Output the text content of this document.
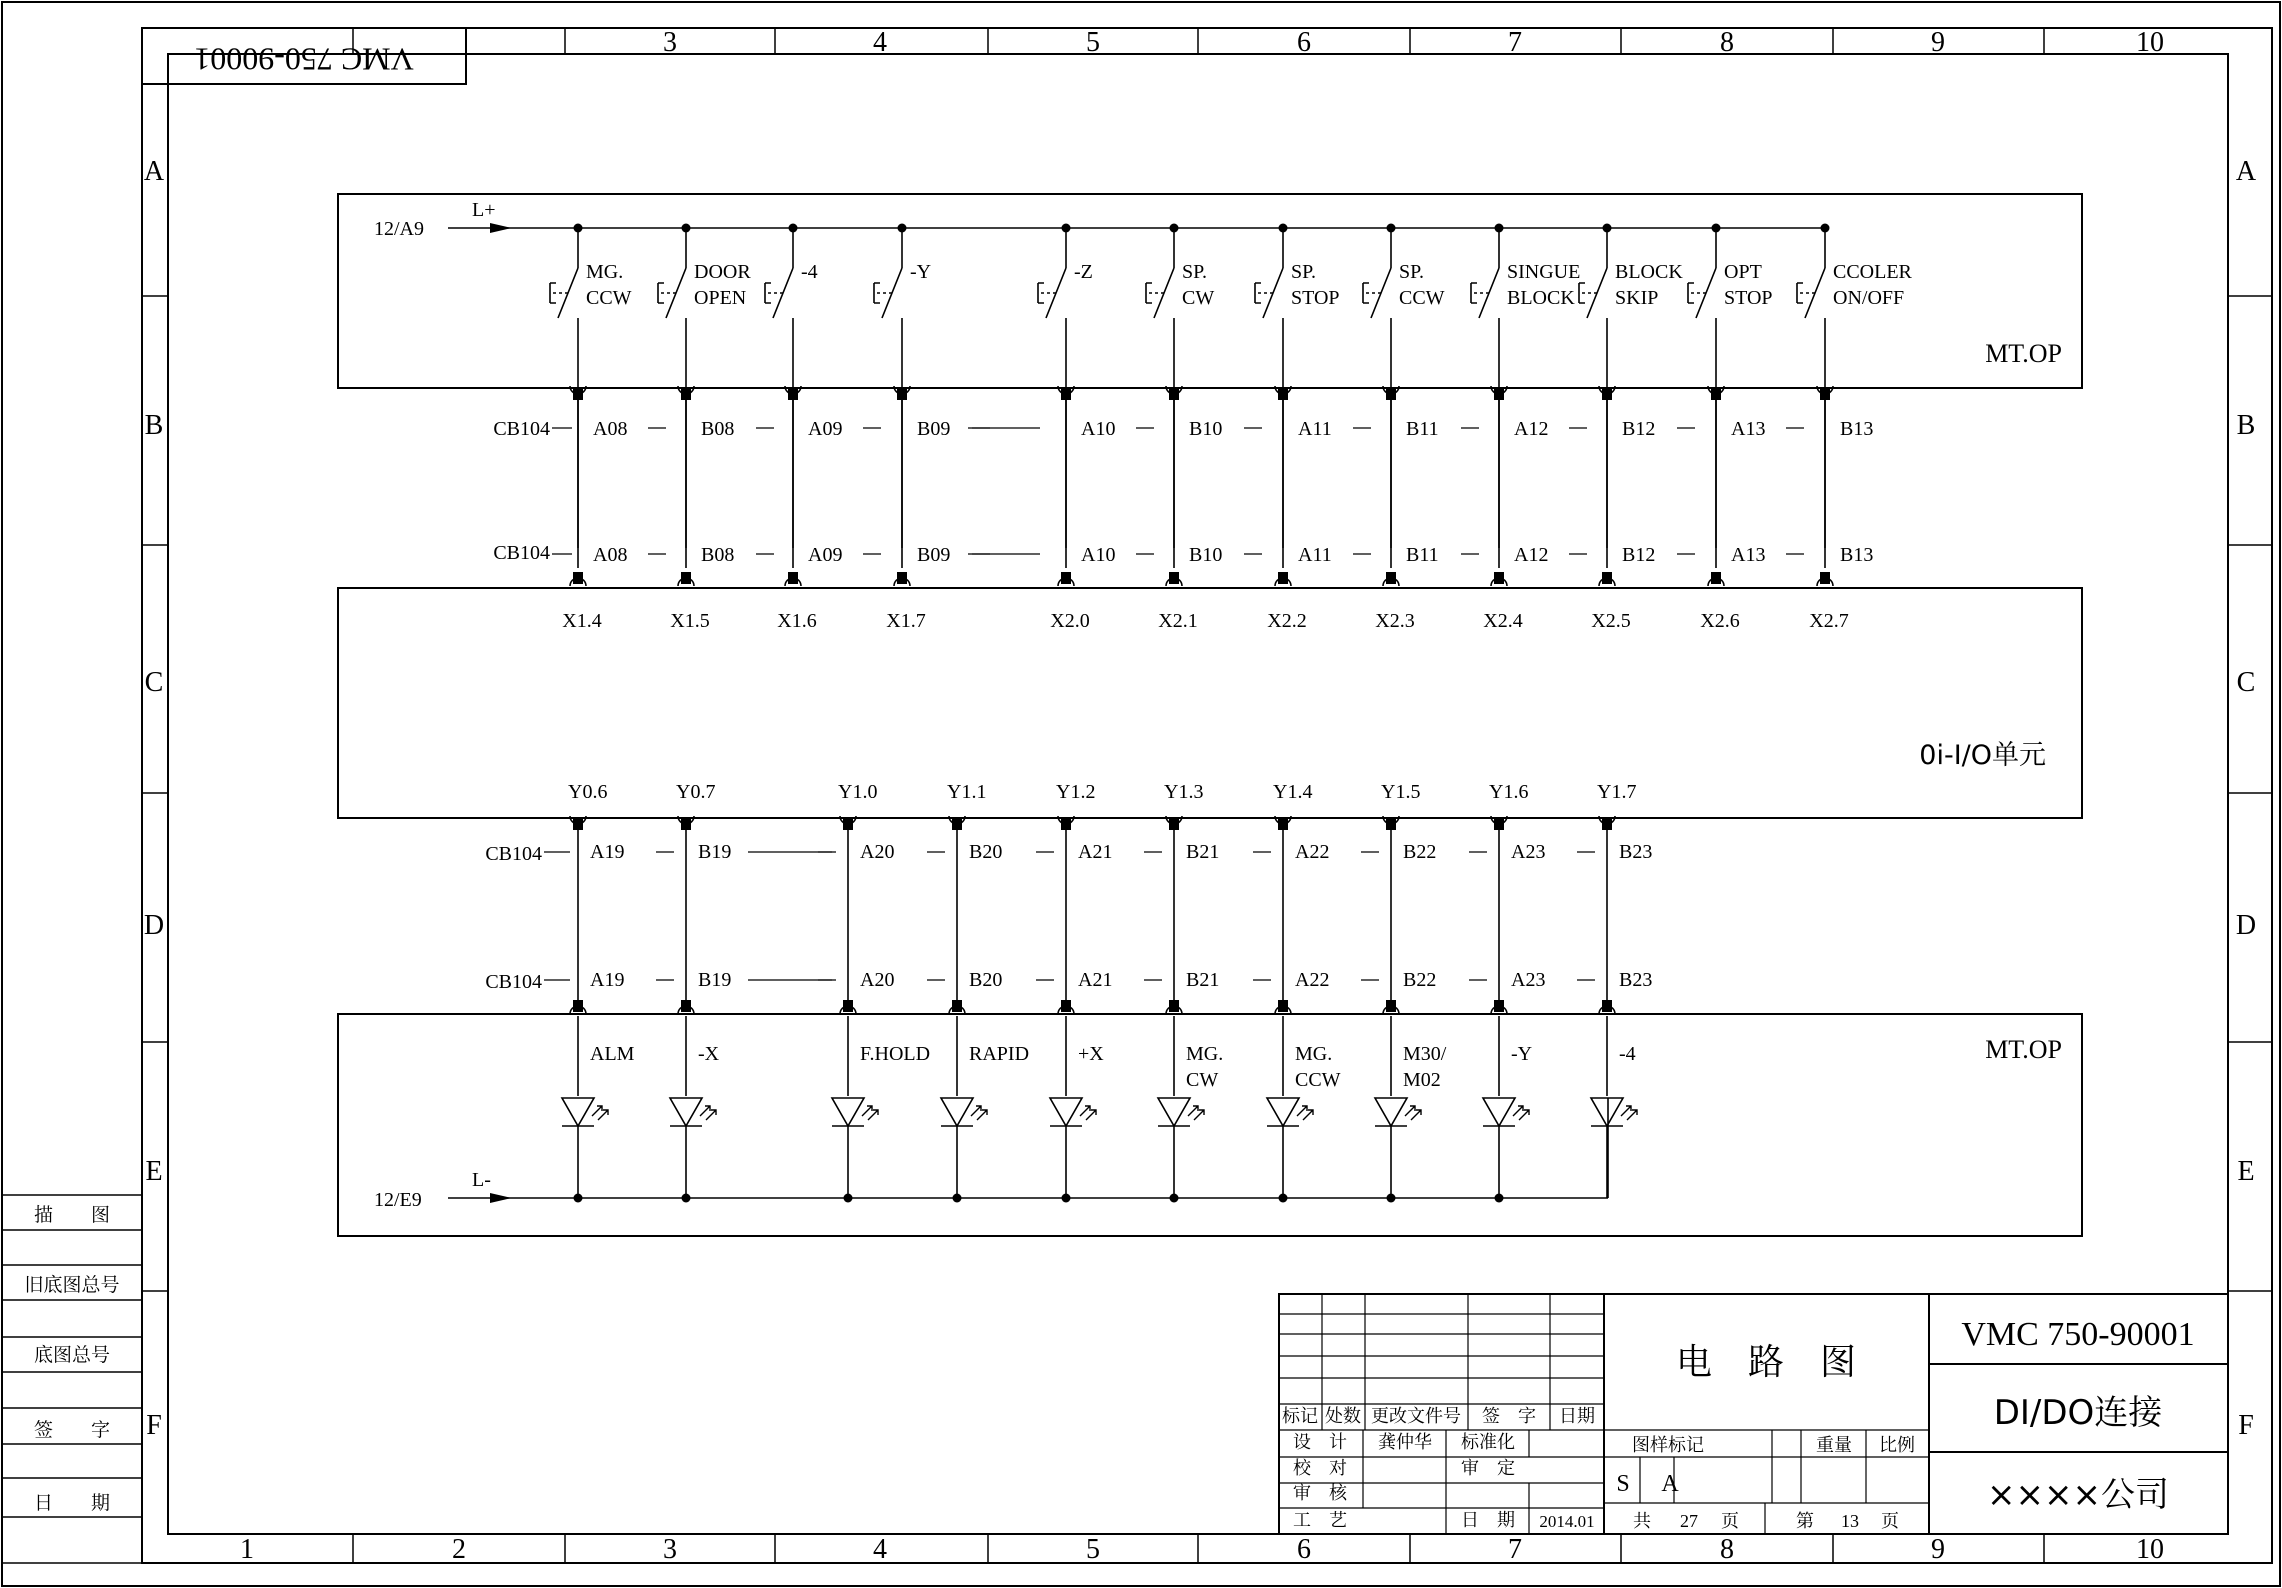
VMC 750-90001	3	4	5	6	7	8	9	10
1	2	3	4	5	6	7	8	9	10
A	A
B	B
C	C
D	D
E	E
F	F
描　　图
旧底图总号
底图总号
签　　字
日　　期
MT.OP
12/A9
L+
MG.
CCW
A08
A08
X1.4
DOOR
OPEN
B08
B08
X1.5
-4
A09
A09
X1.6
-Y
B09
B09
X1.7
-Z
A10
A10
X2.0
SP.
CW
B10
B10
X2.1
SP.
STOP
A11
A11
X2.2
SP.
CCW
B11
B11
X2.3
SINGUE
BLOCK
A12
A12
X2.4
BLOCK
SKIP
B12
B12
X2.5
OPT
STOP
A13
A13
X2.6
CCOLER
ON/OFF
B13
B13
X2.7
CB104
CB104
0i-I/O单元
MT.OP
12/E9
L-
Y0.6
A19
A19
ALM
Y0.7
B19
B19
-X
Y1.0
A20
A20
F.HOLD
Y1.1
B20
B20
RAPID
Y1.2
A21
A21
+X
Y1.3
B21
B21
MG.
CW
Y1.4
A22
A22
MG.
CCW
Y1.5
B22
B22
M30/
M02
Y1.6
A23
A23
-Y
Y1.7
B23
B23
-4
CB104
CB104
标记 处数 更改文件号 签　字 日期
设　计 龚仲华 标准化
校　对	审　定
审　核
工　艺	日　期 2014.01
电　路　图
图样标记	重量 比例
S A
共 27 页	第 13 页
VMC 750-90001
DI/DO连接
××××公司
